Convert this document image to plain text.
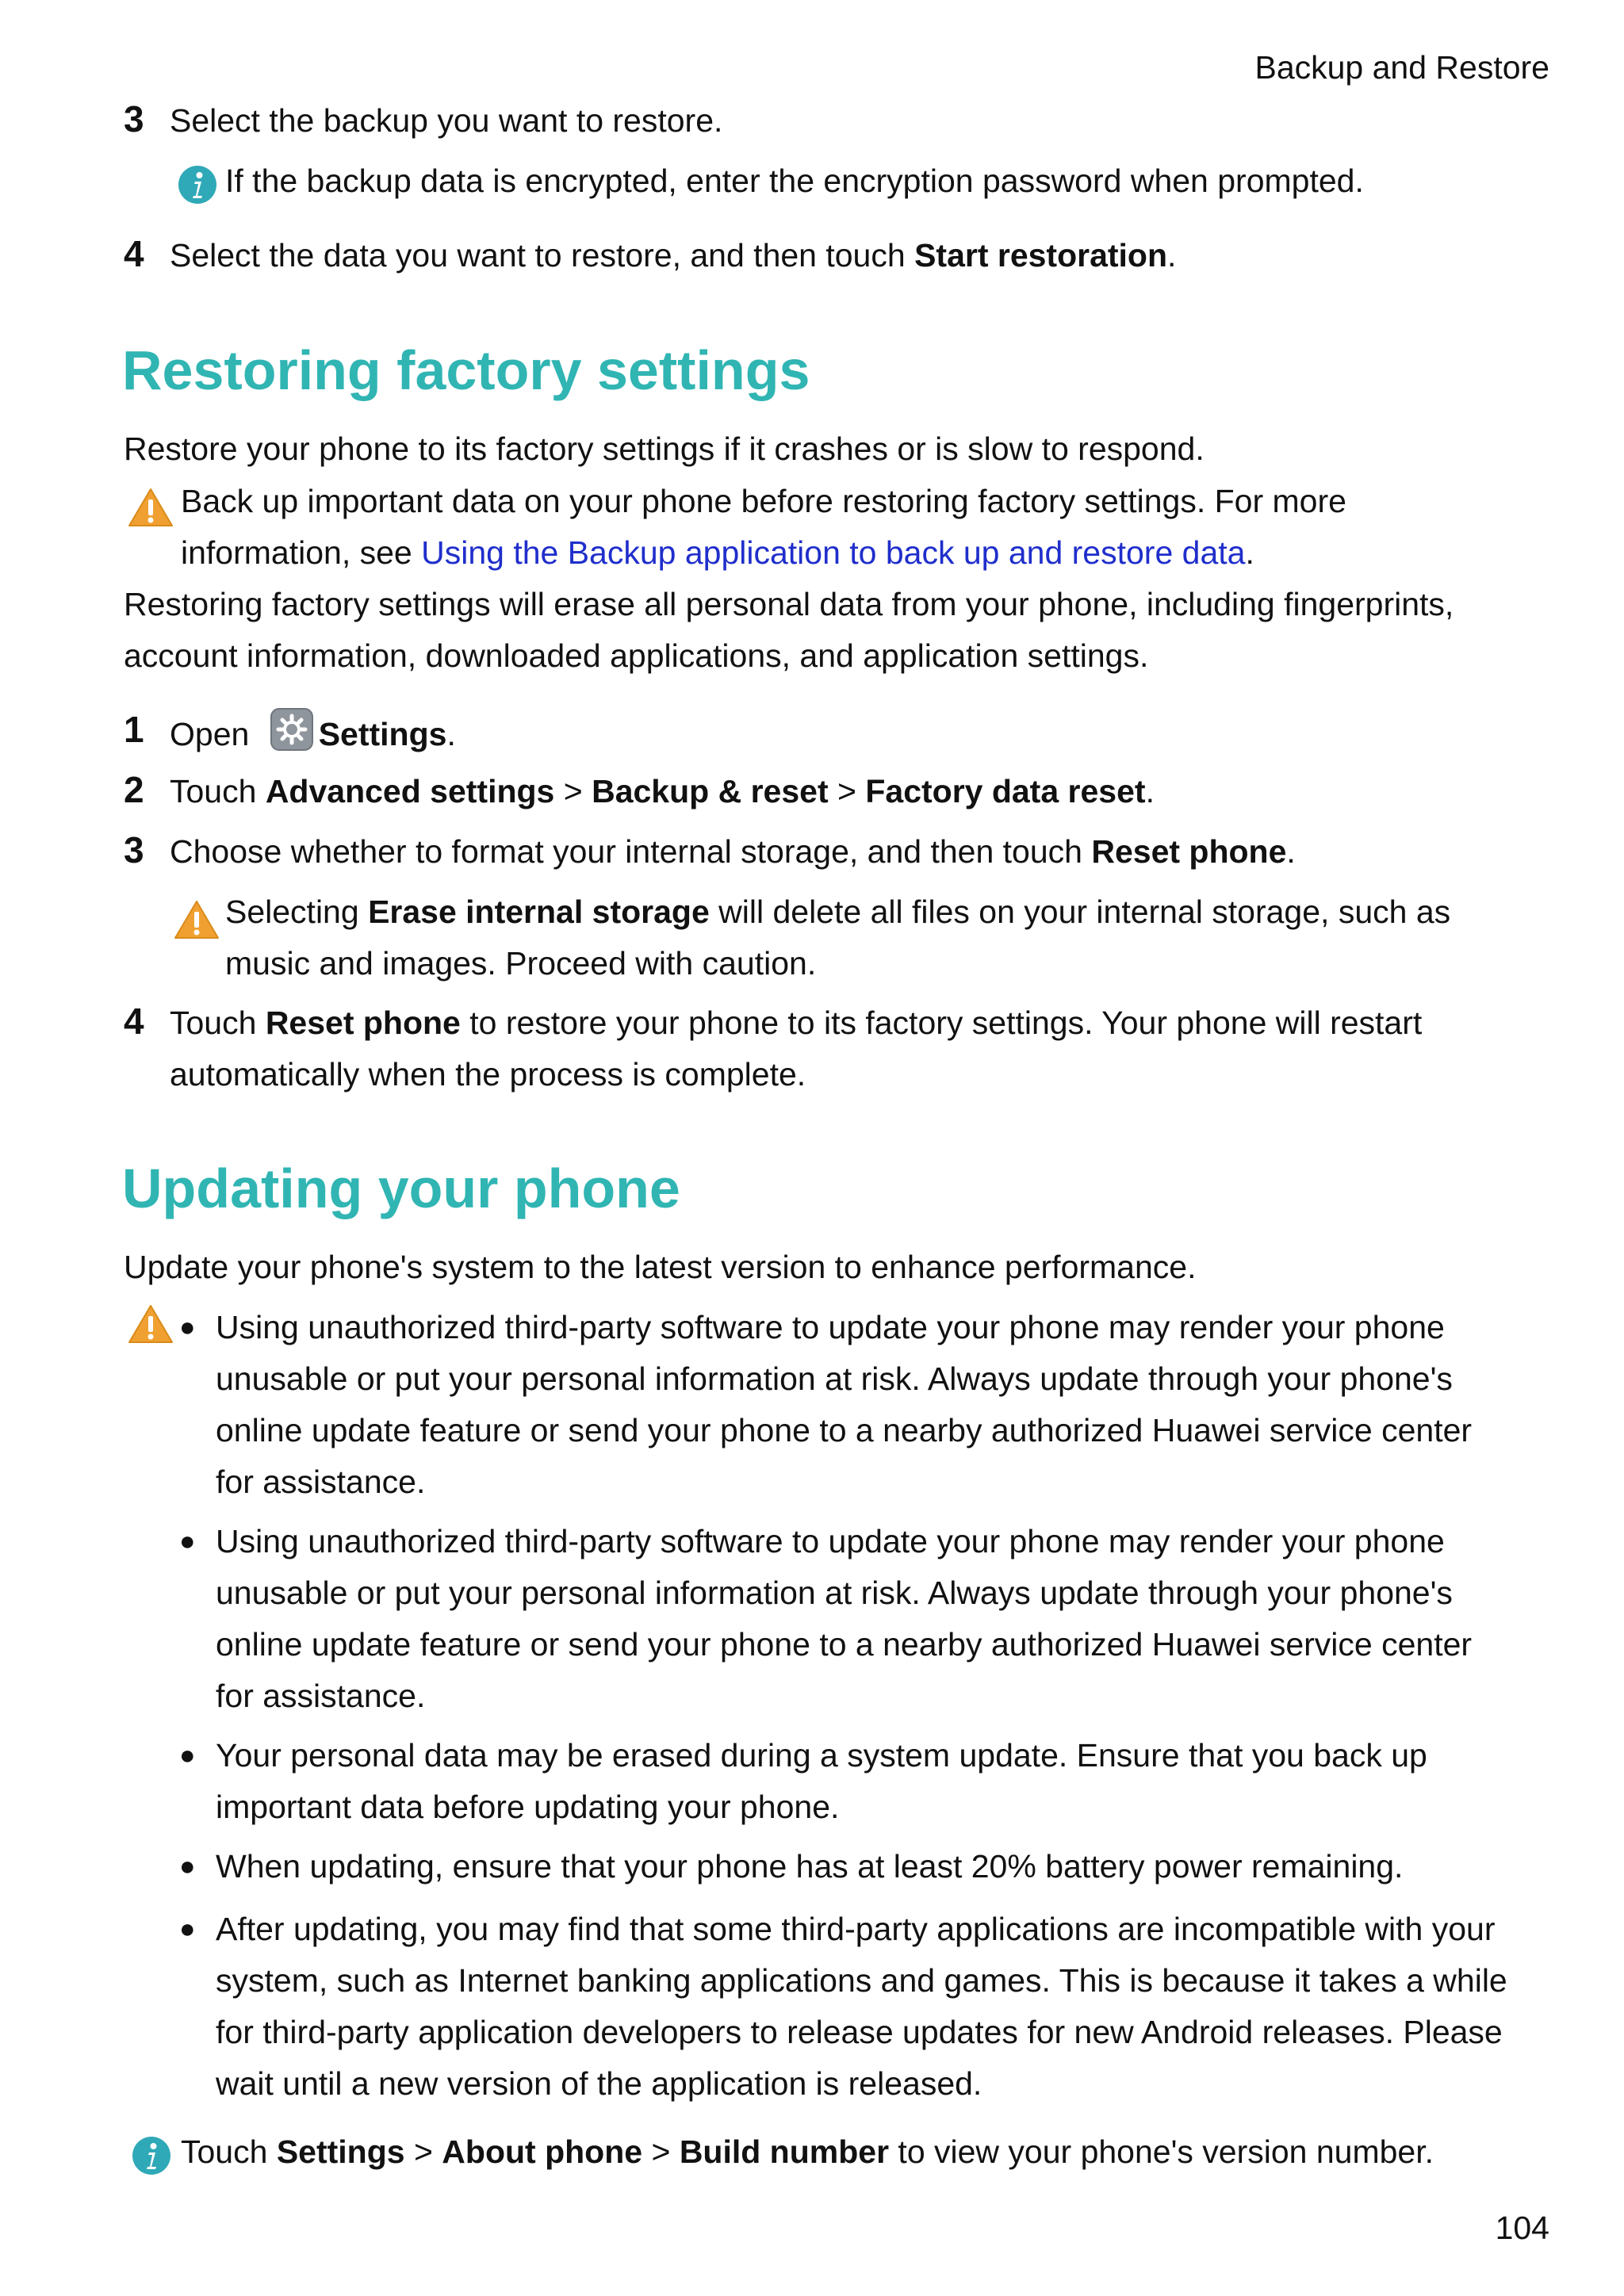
Backup and Restore
3 Select the backup you want to restore.
If the backup data is encrypted, enter the encryption password when prompted.
4 Select the data you want to restore, and then touch Start restoration.
Restoring factory settings
Restore your phone to its factory settings if it crashes or is slow to respond.
Back up important data on your phone before restoring factory settings. For more
information, see Using the Backup application to back up and restore data.
Restoring factory settings will erase all personal data from your phone, including fingerprints,
account information, downloaded applications, and application settings.
1 Open
Settings.
2 Touch Advanced settings > Backup & reset > Factory data reset.
3 Choose whether to format your internal storage, and then touch Reset phone.
Selecting Erase internal storage will delete all files on your internal storage, such as
music and images. Proceed with caution.
4 Touch Reset phone to restore your phone to its factory settings. Your phone will restart
automatically when the process is complete.
Updating your phone
Update your phone's system to the latest version to enhance performance.
● Using unauthorized third-party software to update your phone may render your phone
unusable or put your personal information at risk. Always update through your phone's
online update feature or send your phone to a nearby authorized Huawei service center
for assistance.
● Using unauthorized third-party software to update your phone may render your phone
unusable or put your personal information at risk. Always update through your phone's
online update feature or send your phone to a nearby authorized Huawei service center
for assistance.
● Your personal data may be erased during a system update. Ensure that you back up
important data before updating your phone.
● When updating, ensure that your phone has at least 20% battery power remaining.
● After updating, you may find that some third-party applications are incompatible with your
system, such as Internet banking applications and games. This is because it takes a while
for third-party application developers to release updates for new Android releases. Please
wait until a new version of the application is released.
Touch Settings > About phone > Build number to view your phone's version number.
104
